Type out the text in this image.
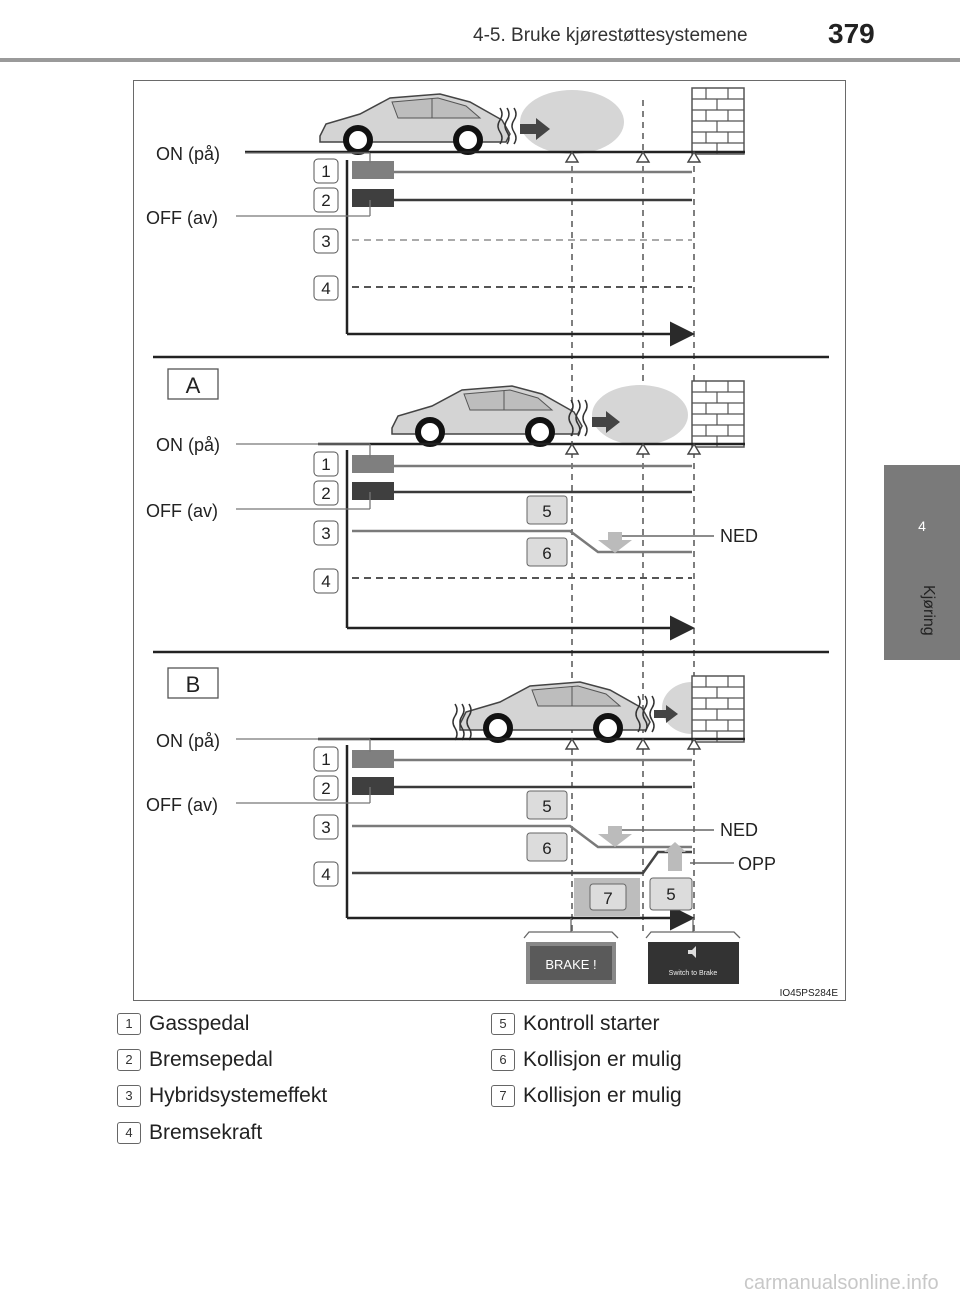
4-5. Bruke kjørestøttesystemene	379
4
Kjøring
ON (på)
OFF (av)
1
2
3
4
A
ON (på)
OFF (av)
NED
1
2
3
4
5
6
B
ON (på)
OFF (av)
NED
OPP
1
2
3
4
5
6
7	5
BRAKE !
Switch to Brake
IO45PS284E
1 Gasspedal
2 Bremsepedal
3 Hybridsystemeffekt
4 Bremsekraft
5 Kontroll starter
6 Kollisjon er mulig
7 Kollisjon er mulig
carmanualsonline.info
